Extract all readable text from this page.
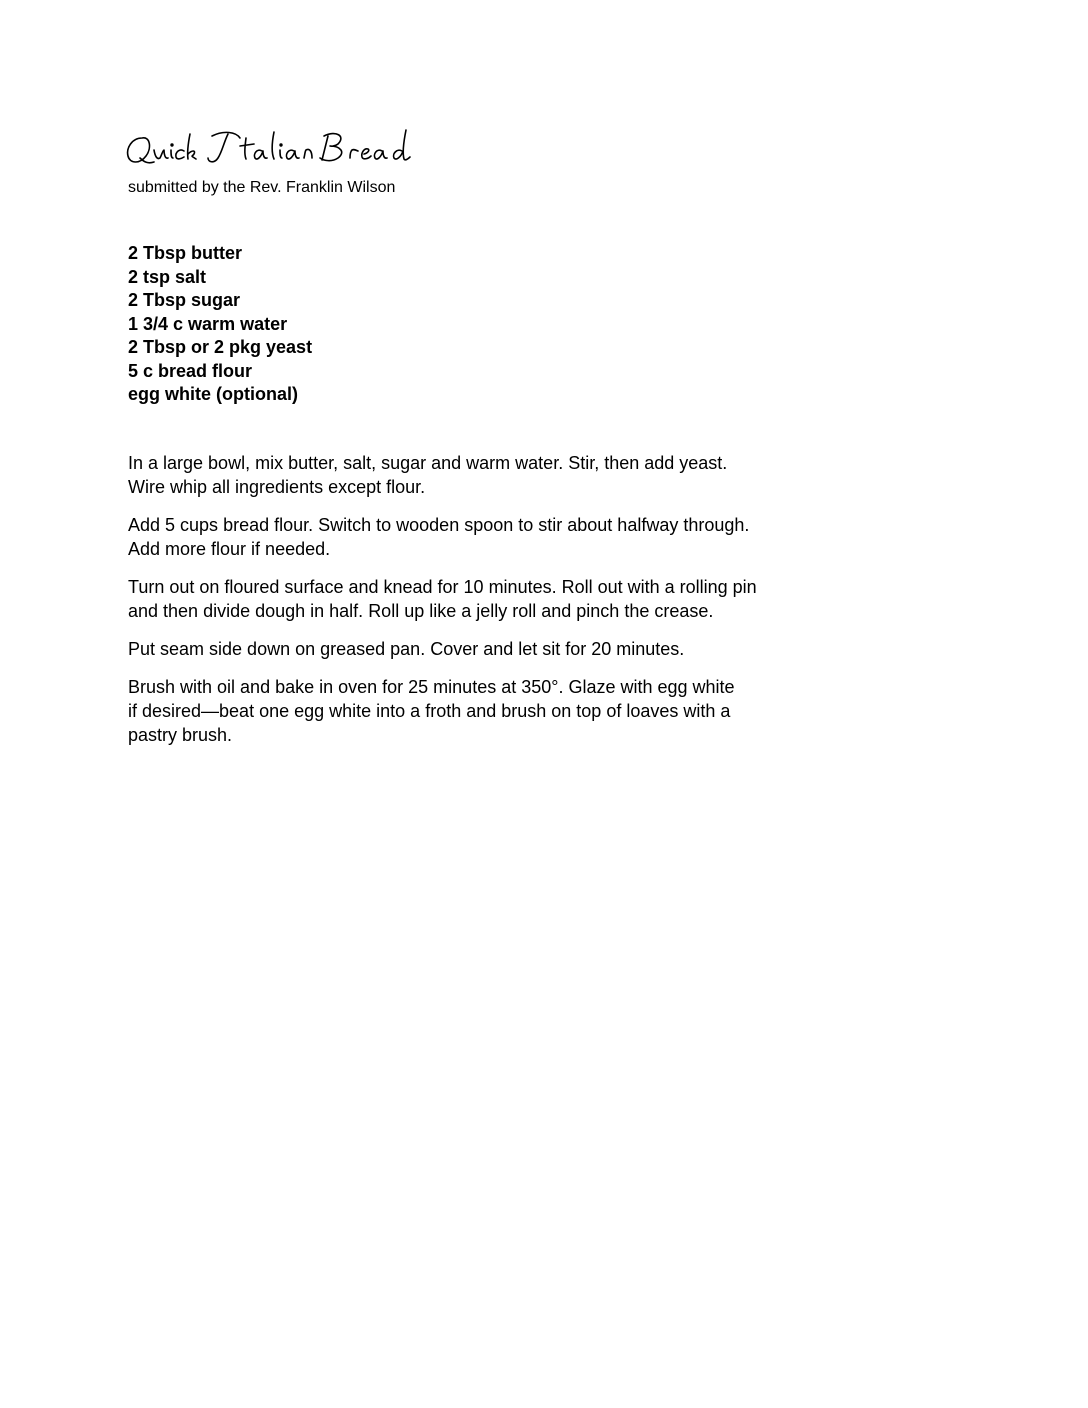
submitted by the Rev. Franklin Wilson
2 Tbsp butter
2 tsp salt
2 Tbsp sugar
1 3/4 c warm water
2 Tbsp or 2 pkg yeast
5 c bread flour
egg white (optional)

In a large bowl, mix butter, salt, sugar and warm water. Stir, then add yeast.
Wire whip all ingredients except flour.

Add 5 cups bread flour. Switch to wooden spoon to stir about halfway through.
Add more flour if needed.

Turn out on floured surface and knead for 10 minutes. Roll out with a rolling pin
and then divide dough in half. Roll up like a jelly roll and pinch the crease.

Put seam side down on greased pan. Cover and let sit for 20 minutes.

Brush with oil and bake in oven for 25 minutes at 350°. Glaze with egg white
if desired—beat one egg white into a froth and brush on top of loaves with a
pastry brush.
